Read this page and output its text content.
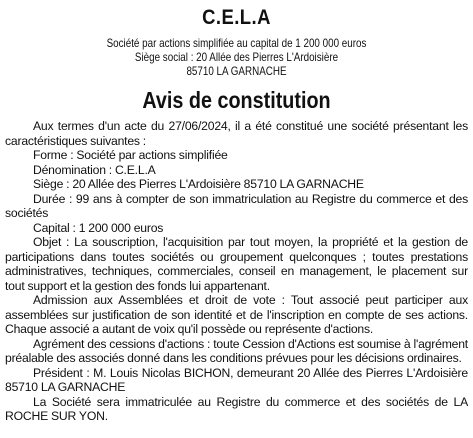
C.E.L.A
Société par actions simplifiée au capital de 1 200 000 euros
Siège social : 20 Allée des Pierres L'Ardoisière
85710 LA GARNACHE
Avis de constitution

Aux termes d'un acte du 27/06/2024, il a été constitué une société présentant les caractéristiques suivantes :

Forme : Société par actions simplifiée

Dénomination : C.E.L.A

Siège : 20 Allée des Pierres L'Ardoisière 85710 LA GARNACHE

Durée : 99 ans à compter de son immatriculation au Registre du commerce et des sociétés

Capital : 1 200 000 euros

Objet : La souscription, l'acquisition par tout moyen, la propriété et la gestion de participations dans toutes sociétés ou groupement quelconques ; toutes prestations administratives, techniques, commerciales, conseil en management, le placement sur tout support et la gestion des fonds lui appartenant.

Admission aux Assemblées et droit de vote : Tout associé peut participer aux assemblées sur justification de son identité et de l'inscription en compte de ses actions. Chaque associé a autant de voix qu'il possède ou représente d'actions.

Agrément des cessions d'actions : toute Cession d'Actions est soumise à l'agrément préalable des associés donné dans les conditions prévues pour les décisions ordinaires.

Président : M. Louis Nicolas BICHON, demeurant 20 Allée des Pierres L'Ardoisière 85710 LA GARNACHE

La Société sera immatriculée au Registre du commerce et des sociétés de LA ROCHE SUR YON.
